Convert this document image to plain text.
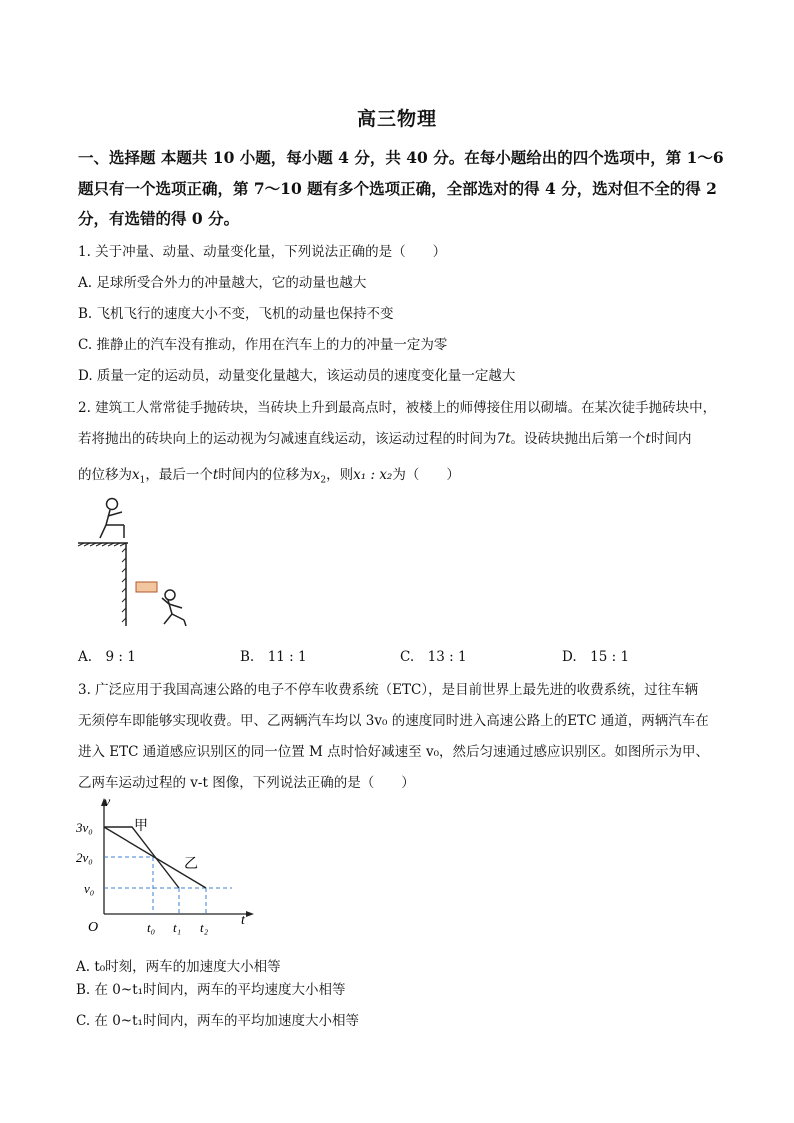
高三物理
一、选择题 本题共 10 小题，每小题 4 分，共 40 分。在每小题给出的四个选项中，第 1～6
题只有一个选项正确，第 7～10 题有多个选项正确，全部选对的得 4 分，选对但不全的得 2
分，有选错的得 0 分。
1. 关于冲量、动量、动量变化量，下列说法正确的是（　　）
A. 足球所受合外力的冲量越大，它的动量也越大
B. 飞机飞行的速度大小不变，飞机的动量也保持不变
C. 推静止的汽车没有推动，作用在汽车上的力的冲量一定为零
D. 质量一定的运动员，动量变化量越大，该运动员的速度变化量一定越大
2. 建筑工人常常徒手抛砖块，当砖块上升到最高点时，被楼上的师傅接住用以砌墙。在某次徒手抛砖块中，
若将抛出的砖块向上的运动视为匀减速直线运动，该运动过程的时间为7t。设砖块抛出后第一个t时间内
的位移为$x_1$，最后一个t时间内的位移为$x_2$，则x₁ : x₂为（　　）
A.　9 : 1	B.　11 : 1	C.　13 : 1	D.　15 : 1
3. 广泛应用于我国高速公路的电子不停车收费系统（ETC），是目前世界上最先进的收费系统，过往车辆
无须停车即能够实现收费。甲、乙两辆汽车均以 3v₀ 的速度同时进入高速公路上的ETC 通道，两辆汽车在
进入 ETC 通道感应识别区的同一位置 M 点时恰好减速至 v₀，然后匀速通过感应识别区。如图所示为甲、
乙两车运动过程的 v-t 图像，下列说法正确的是（　　）
v
t
O
3v₀
2v₀
v₀
t₀ t₁ t₂
甲
乙
A. t₀时刻，两车的加速度大小相等
B. 在 0~t₁时间内，两车的平均速度大小相等
C. 在 0~t₁时间内，两车的平均加速度大小相等
